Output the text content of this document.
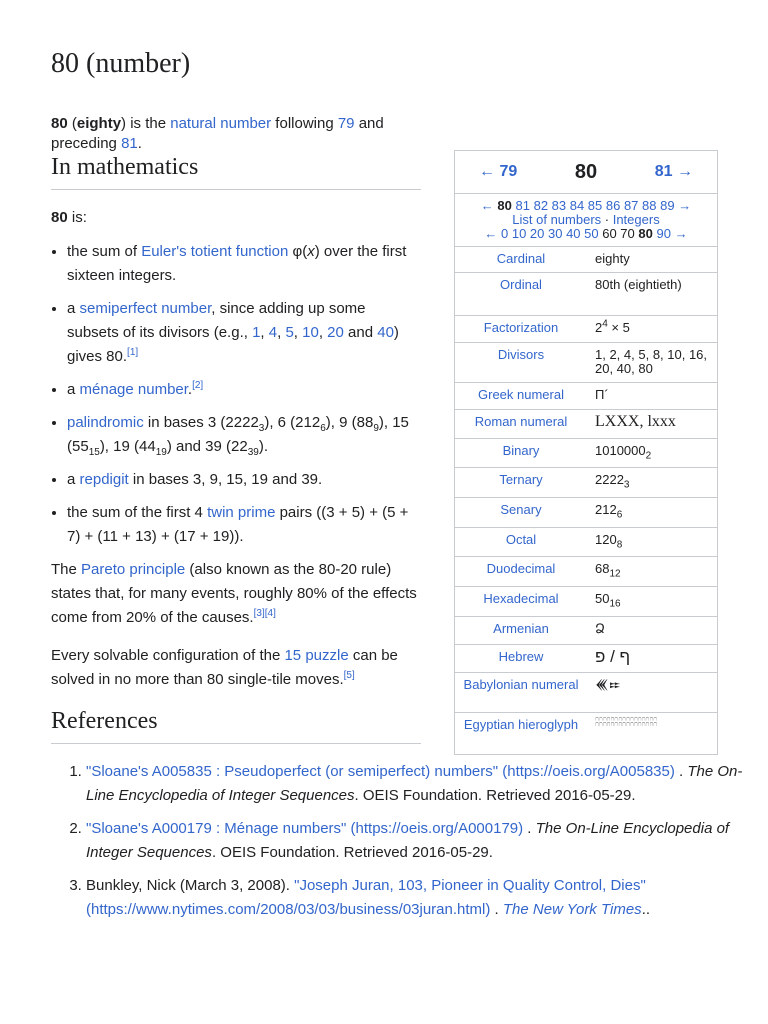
80 (number)

80 (eighty) is the natural number following 79 and preceding 81.

In mathematics

80 is:

• the sum of Euler's totient function φ(x) over the first sixteen integers.
• a semiperfect number, since adding up some subsets of its divisors (e.g., 1, 4, 5, 10, 20 and 40) gives 80.[1]
• a ménage number.[2]
• palindromic in bases 3 $(2222_3)$, 6 $(212_6)$, 9 $(88_9)$, 15 $(55_{15})$, 19 $(44_{19})$ and 39 $(22_{39})$.
• a repdigit in bases 3, 9, 15, 19 and 39.
• the sum of the first 4 twin prime pairs ((3 + 5) + (5 + 7) + (11 + 13) + (17 + 19)).

The Pareto principle (also known as the 80-20 rule) states that, for many events, roughly 80% of the effects come from 20% of the causes.[3][4]

Every solvable configuration of the 15 puzzle can be solved in no more than 80 single-tile moves.[5]

References
1. "Sloane's A005835 : Pseudoperfect (or semiperfect) numbers" (https://oeis.org/A005835) . The On-Line Encyclopedia of Integer Sequences. OEIS Foundation. Retrieved 2016-05-29.
2. "Sloane's A000179 : Ménage numbers" (https://oeis.org/A000179) . The On-Line Encyclopedia of Integer Sequences. OEIS Foundation. Retrieved 2016-05-29.
3. Bunkley, Nick (March 3, 2008). "Joseph Juran, 103, Pioneer in Quality Control, Dies" (https://www.nytimes.com/2008/03/03/business/03juran.html) . The New York Times..
← 79	80	81 →
← 80 81 82 83 84 85 86 87 88 89 →
List of numbers · Integers
← 0 10 20 30 40 50 60 70 80 90 →
Cardinal	eighty
Ordinal	80th (eightieth)
Factorization	$2^4 \times 5$
Divisors	1, 2, 4, 5, 8, 10, 16, 20, 40, 80
Greek numeral	Π´
Roman numeral	LXXX, lxxx
Binary	$1010000_2$
Ternary	$2222_3$
Senary	$212_6$
Octal	$120_8$
Duodecimal	$68_{12}$
Hexadecimal	$50_{16}$
Armenian	Ձ
Hebrew	ף / פ
Babylonian numeral	𒌍𒐂
Egyptian hieroglyph	𓎉𓎉𓎉𓎉𓎉𓎉𓎉𓎉
